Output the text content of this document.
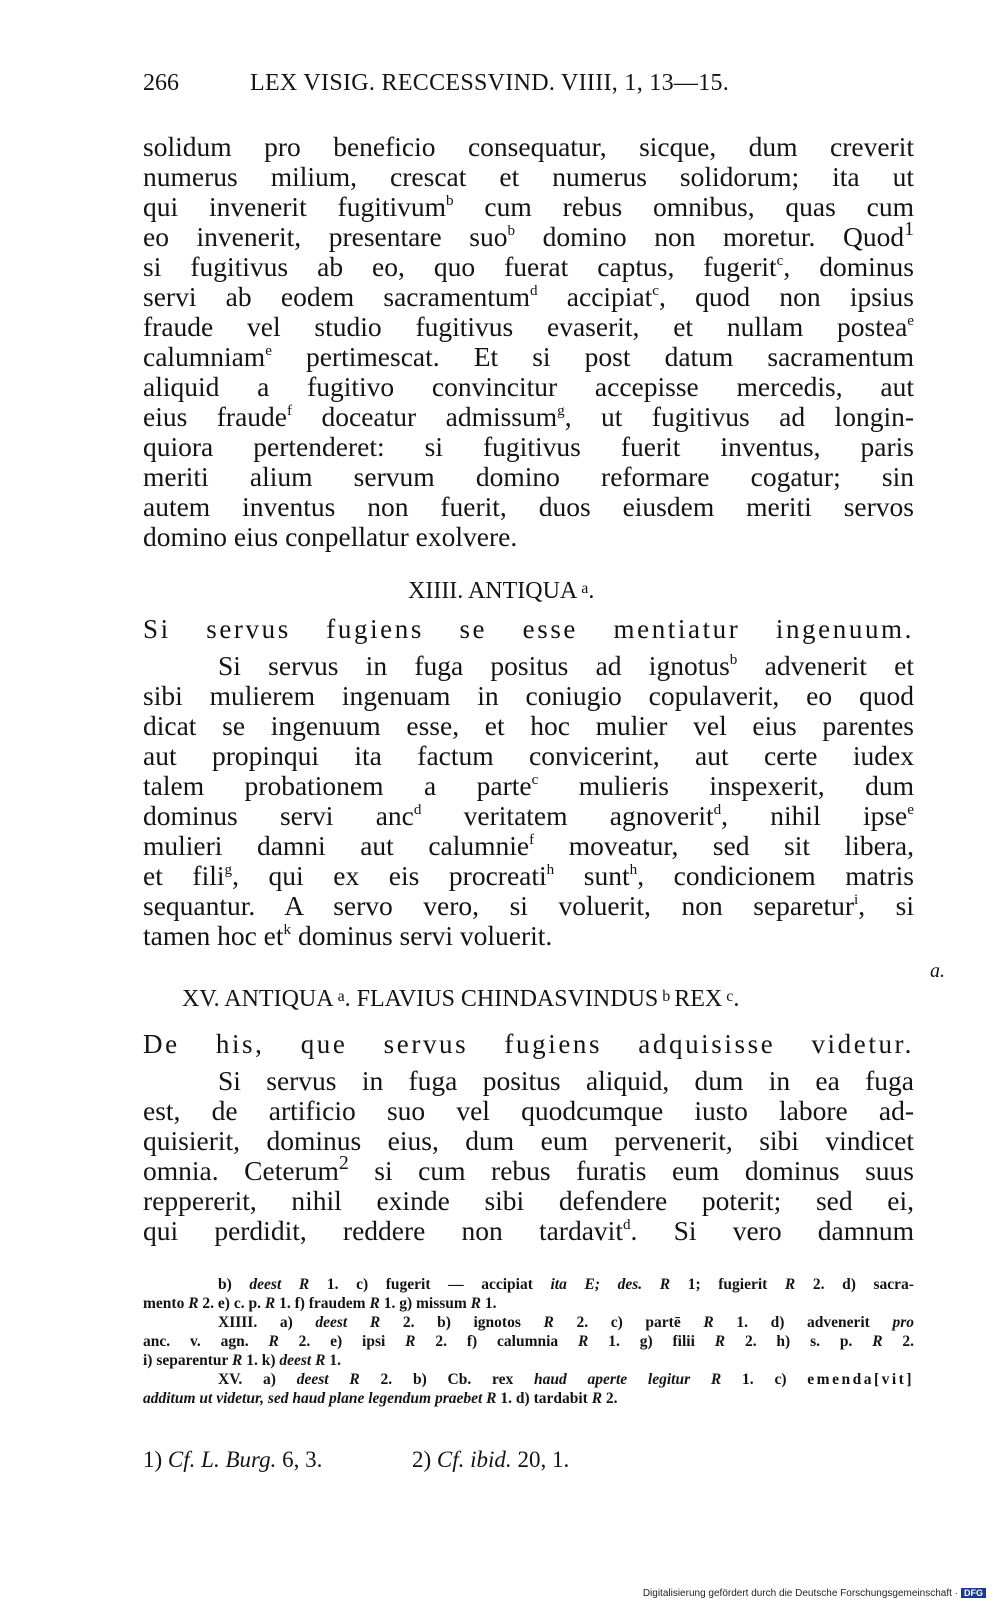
266	LEX VISIG. RECCESSVIND. VIIII, 1, 13—15.
solidum pro beneficio consequatur, sicque, dum creverit
numerus milium, crescat et numerus solidorum; ita ut
qui invenerit fugitivum$^b$ cum rebus omnibus, quas cum
eo invenerit, presentare suo$^b$ domino non moretur. Quod$^1$
si fugitivus ab eo, quo fuerat captus, fugerit$^c$, dominus
servi ab eodem sacramentum$^d$ accipiat$^c$, quod non ipsius
fraude vel studio fugitivus evaserit, et nullam postea$^e$
calumniam$^e$ pertimescat. Et si post datum sacramentum
aliquid a fugitivo convincitur accepisse mercedis, aut
eius fraude$^f$ doceatur admissum$^g$, ut fugitivus ad longin-
quiora pertenderet: si fugitivus fuerit inventus, paris
meriti alium servum domino reformare cogatur; sin
autem inventus non fuerit, duos eiusdem meriti servos
domino eius conpellatur exolvere.
XIIII. ANTIQUA $^a$.
Si servus fugiens se esse mentiatur ingenuum.
Si servus in fuga positus ad ignotus$^b$ advenerit et
sibi mulierem ingenuam in coniugio copulaverit, eo quod
dicat se ingenuum esse, et hoc mulier vel eius parentes
aut propinqui ita factum convicerint, aut certe iudex
talem probationem a parte$^c$ mulieris inspexerit, dum
dominus servi anc$^d$ veritatem agnoverit$^d$, nihil ipse$^e$
mulieri damni aut calumnie$^f$ moveatur, sed sit libera,
et fili$^g$, qui ex eis procreati$^h$ sunt$^h$, condicionem matris
sequantur. A servo vero, si voluerit, non separetur$^i$, si
tamen hoc $et^k$ dominus servi voluerit.
a.
XV. ANTIQUA $^a$. FLAVIUS CHINDASVINDUS $^b$ REX $^c$.
De his, que servus fugiens adquisisse videtur.
Si servus in fuga positus aliquid, dum in ea fuga
est, de artificio suo vel quodcumque iusto labore ad-
quisierit, dominus eius, dum eum pervenerit, sibi vindicet
omnia. Ceterum$^2$ si cum rebus furatis eum dominus suus
reppererit, nihil exinde sibi defendere poterit; sed ei,
qui perdidit, reddere non tardavit$^d$. Si vero damnum
b) deest R 1. c) fugerit — accipiat ita E; des. R 1; fugierit R 2. d) sacra-
mento R 2. e) c. p. R 1. f) fraudem R 1. g) missum R 1.
XIIII. a) deest R 2. b) ignotos R 2. c) partē R 1. d) advenerit pro
anc. v. agn. R 2. e) ipsi R 2. f) calumnia R 1. g) filii R 2. h) s. p. R 2.
i) separentur R 1. k) deest R 1.
XV. a) deest R 2. b) Cb. rex haud aperte legitur R 1. c) emenda[vit]
additum ut videtur, sed haud plane legendum praebet R 1. d) tardabit R 2.
1) Cf. L. Burg. 6, 3.	2) Cf. ibid. 20, 1.
Digitalisierung gefördert durch die Deutsche Forschungsgemeinschaft · DFG
